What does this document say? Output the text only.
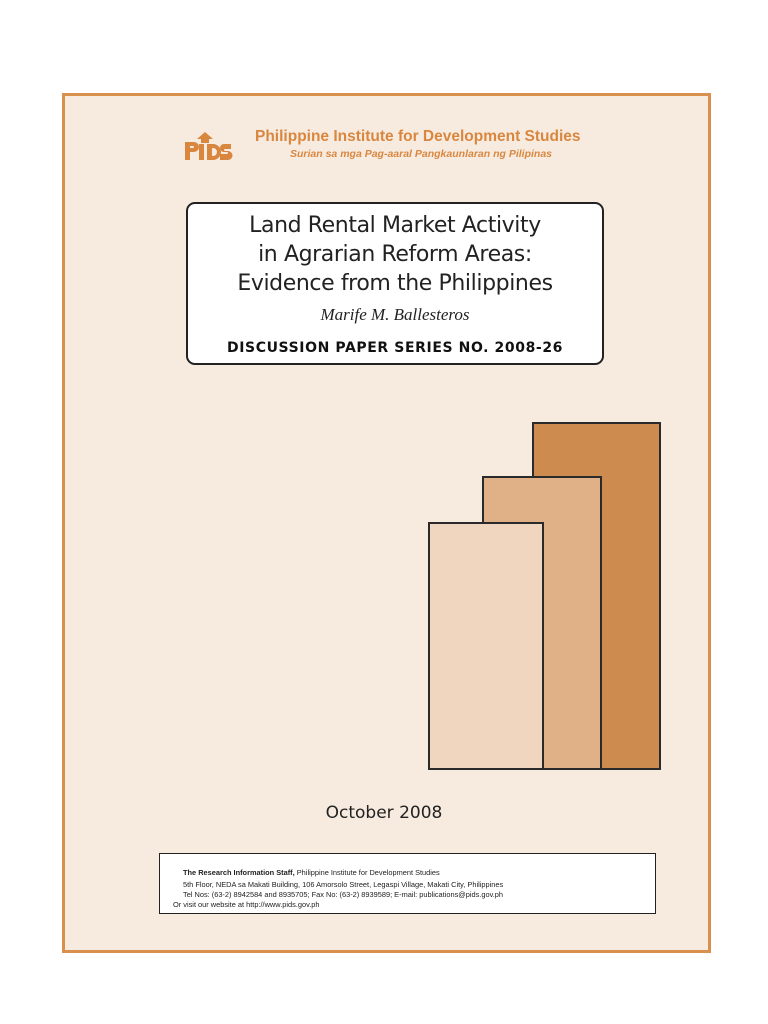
Philippine Institute for Development Studies
Surian sa mga Pag-aaral Pangkaunlaran ng Pilipinas
Land Rental Market Activity
in Agrarian Reform Areas:
Evidence from the Philippines
Marife M. Ballesteros
DISCUSSION PAPER SERIES NO. 2008-26
October 2008
The Research Information Staff, Philippine Institute for Development Studies
5th Floor, NEDA sa Makati Building, 106 Amorsolo Street, Legaspi Village, Makati City, Philippines
Tel Nos: (63-2) 8942584 and 8935705; Fax No: (63-2) 8939589; E-mail: publications@pids.gov.ph
Or visit our website at http://www.pids.gov.ph
